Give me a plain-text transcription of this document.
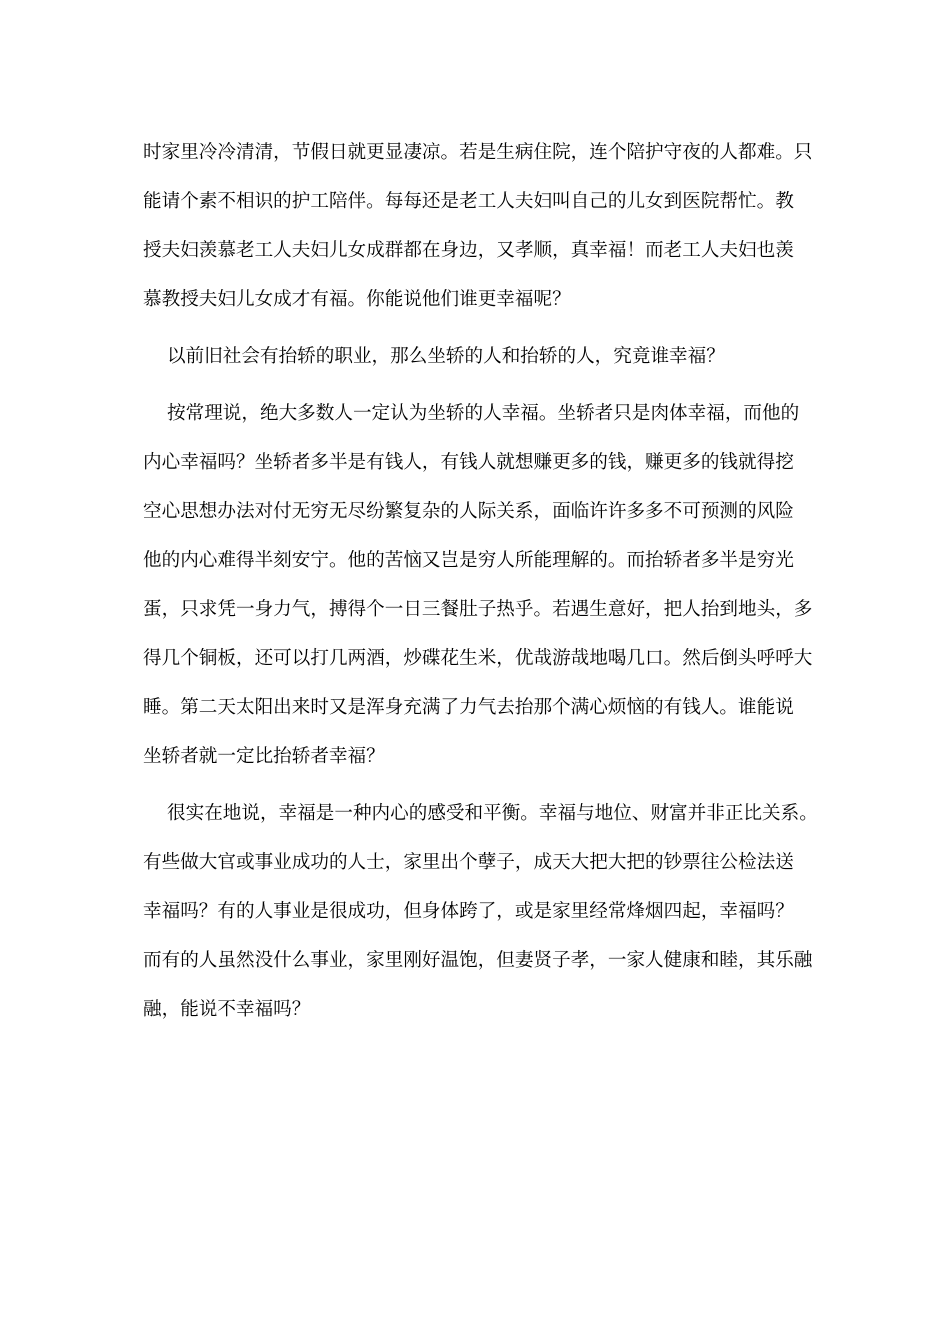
时家里冷冷清清，节假日就更显凄凉。若是生病住院，连个陪护守夜的人都难。只
能请个素不相识的护工陪伴。每每还是老工人夫妇叫自己的儿女到医院帮忙。教
授夫妇羡慕老工人夫妇儿女成群都在身边，又孝顺，真幸福！而老工人夫妇也羡
慕教授夫妇儿女成才有福。你能说他们谁更幸福呢？
以前旧社会有抬轿的职业，那么坐轿的人和抬轿的人，究竟谁幸福？
按常理说，绝大多数人一定认为坐轿的人幸福。坐轿者只是肉体幸福，而他的
内心幸福吗？坐轿者多半是有钱人，有钱人就想赚更多的钱，赚更多的钱就得挖
空心思想办法对付无穷无尽纷繁复杂的人际关系，面临许许多多不可预测的风险
他的内心难得半刻安宁。他的苦恼又岂是穷人所能理解的。而抬轿者多半是穷光
蛋，只求凭一身力气，搏得个一日三餐肚子热乎。若遇生意好，把人抬到地头，多
得几个铜板，还可以打几两酒，炒碟花生米，优哉游哉地喝几口。然后倒头呼呼大
睡。第二天太阳出来时又是浑身充满了力气去抬那个满心烦恼的有钱人。谁能说
坐轿者就一定比抬轿者幸福？
很实在地说，幸福是一种内心的感受和平衡。幸福与地位、财富并非正比关系。
有些做大官或事业成功的人士，家里出个孽子，成天大把大把的钞票往公检法送
幸福吗？有的人事业是很成功，但身体跨了，或是家里经常烽烟四起，幸福吗？
而有的人虽然没什么事业，家里刚好温饱，但妻贤子孝，一家人健康和睦，其乐融
融，能说不幸福吗？
